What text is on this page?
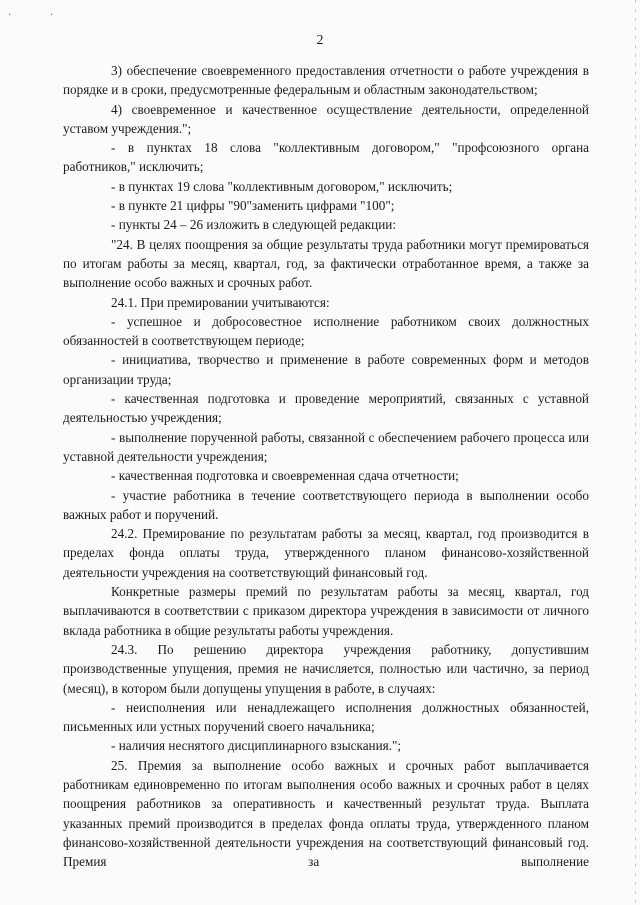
· ·
2

3) обеспечение своевременного предоставления отчетности о работе учреждения в порядке и в сроки, предусмотренные федеральным и областным законодательством;

4) своевременное и качественное осуществление деятельности, определенной уставом учреждения.";

- в пунктах 18 слова "коллективным договором," "профсоюзного органа работников," исключить;

- в пунктах 19 слова "коллективным договором," исключить;

- в пункте 21 цифры "90"заменить цифрами "100";

- пункты 24 – 26 изложить в следующей редакции:

"24. В целях поощрения за общие результаты труда работники могут премироваться по итогам работы за месяц, квартал, год, за фактически отработанное время, а также за выполнение особо важных и срочных работ.

24.1. При премировании учитываются:

- успешное и добросовестное исполнение работником своих должностных обязанностей в соответствующем периоде;

- инициатива, творчество и применение в работе современных форм и методов организации труда;

- качественная подготовка и проведение мероприятий, связанных с уставной деятельностью учреждения;

- выполнение порученной работы, связанной с обеспечением рабочего процесса или уставной деятельности учреждения;

- качественная подготовка и своевременная сдача отчетности;

- участие работника в течение соответствующего периода в выполнении особо важных работ и поручений.

24.2. Премирование по результатам работы за месяц, квартал, год производится в пределах фонда оплаты труда, утвержденного планом финансово-хозяйственной деятельности учреждения на соответствующий финансовый год.

Конкретные размеры премий по результатам работы за месяц, квартал, год выплачиваются в соответствии с приказом директора учреждения в зависимости от личного вклада работника в общие результаты работы учреждения.

24.3. По решению директора учреждения работнику, допустившим производственные упущения, премия не начисляется, полностью или частично, за период (месяц), в котором были допущены упущения в работе, в случаях:

- неисполнения или ненадлежащего исполнения должностных обязанностей, письменных или устных поручений своего начальника;

- наличия неснятого дисциплинарного взыскания.";

25. Премия за выполнение особо важных и срочных работ выплачивается работникам единовременно по итогам выполнения особо важных и срочных работ в целях поощрения работников за оперативность и качественный результат труда. Выплата указанных премий производится в пределах фонда оплаты труда, утвержденного планом финансово-хозяйственной деятельности учреждения на соответствующий финансовый год. Премия за выполнение
